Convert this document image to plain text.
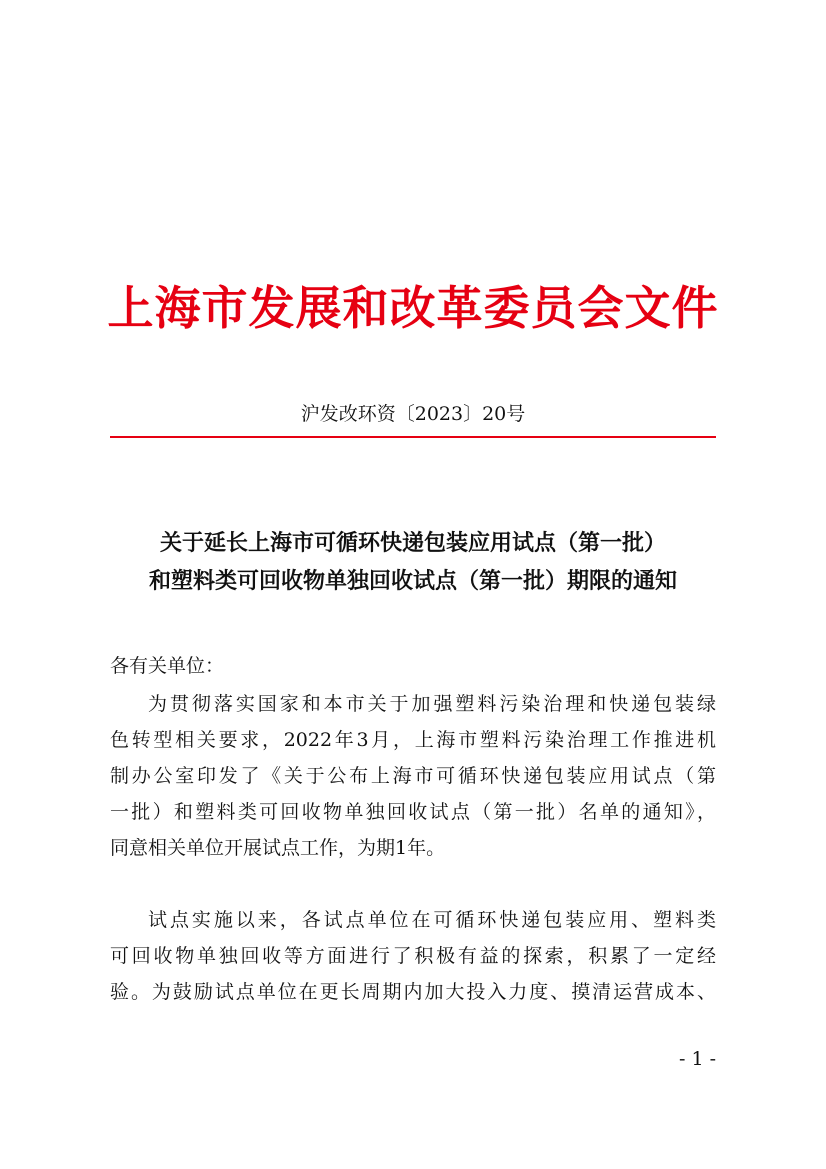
上海市发展和改革委员会文件
沪发改环资〔2023〕20号
关于延长上海市可循环快递包装应用试点（第一批）
和塑料类可回收物单独回收试点（第一批）期限的通知
各有关单位：
为贯彻落实国家和本市关于加强塑料污染治理和快递包装绿
色转型相关要求，2022年3月，上海市塑料污染治理工作推进机
制办公室印发了《关于公布上海市可循环快递包装应用试点（第
一批）和塑料类可回收物单独回收试点（第一批）名单的通知》，
同意相关单位开展试点工作，为期1年。
试点实施以来，各试点单位在可循环快递包装应用、塑料类
可回收物单独回收等方面进行了积极有益的探索，积累了一定经
验。为鼓励试点单位在更长周期内加大投入力度、摸清运营成本、
- 1 -
